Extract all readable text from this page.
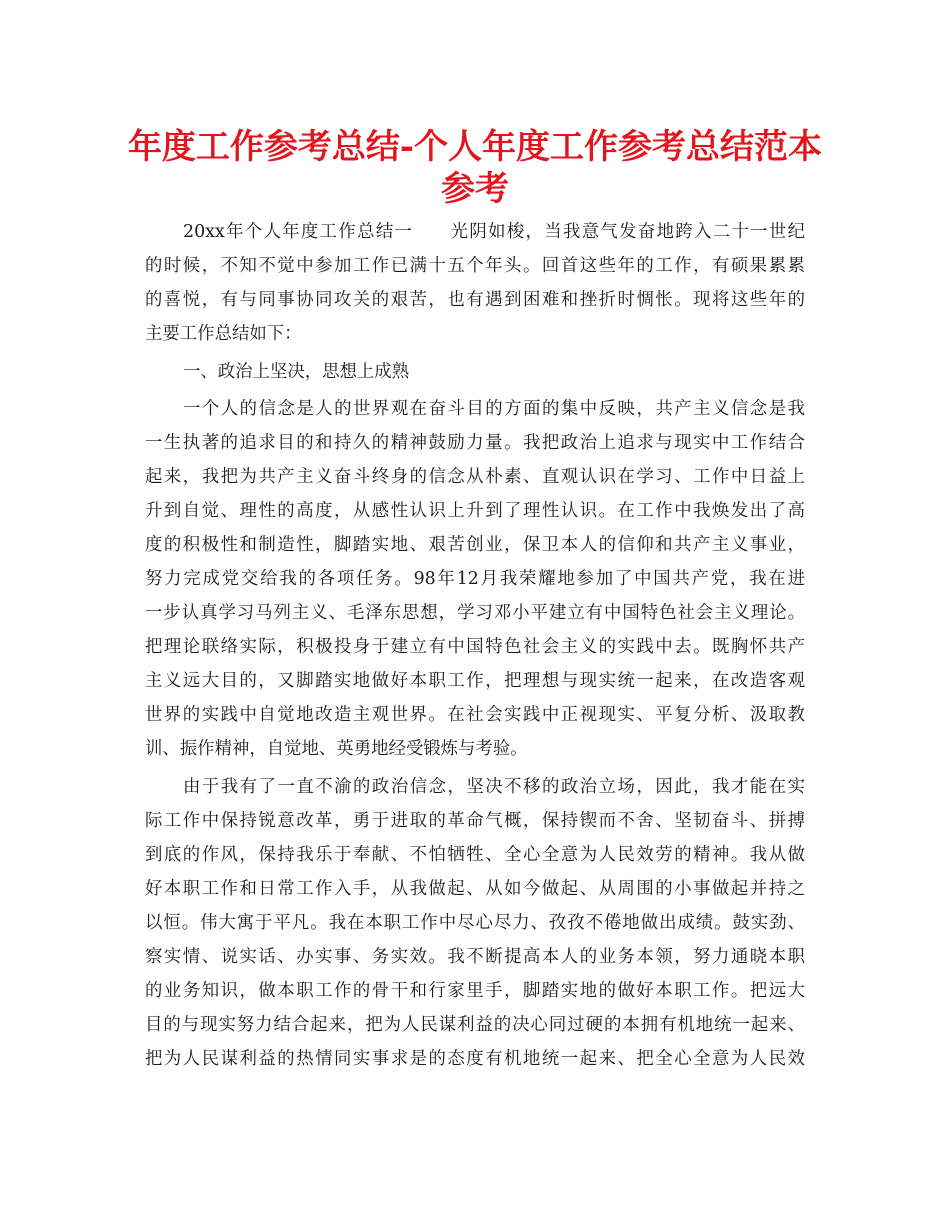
年度工作参考总结-个人年度工作参考总结范本
参考
20xx年个人年度工作总结一　　光阴如梭，当我意气发奋地跨入二十一世纪
的时候，不知不觉中参加工作已满十五个年头。回首这些年的工作，有硕果累累
的喜悦，有与同事协同攻关的艰苦，也有遇到困难和挫折时惆怅。现将这些年的
主要工作总结如下：
一、政治上坚决，思想上成熟
一个人的信念是人的世界观在奋斗目的方面的集中反映，共产主义信念是我
一生执著的追求目的和持久的精神鼓励力量。我把政治上追求与现实中工作结合
起来，我把为共产主义奋斗终身的信念从朴素、直观认识在学习、工作中日益上
升到自觉、理性的高度，从感性认识上升到了理性认识。在工作中我焕发出了高
度的积极性和制造性，脚踏实地、艰苦创业，保卫本人的信仰和共产主义事业，
努力完成党交给我的各项任务。98年12月我荣耀地参加了中国共产党，我在进
一步认真学习马列主义、毛泽东思想，学习邓小平建立有中国特色社会主义理论。
把理论联络实际，积极投身于建立有中国特色社会主义的实践中去。既胸怀共产
主义远大目的，又脚踏实地做好本职工作，把理想与现实统一起来，在改造客观
世界的实践中自觉地改造主观世界。在社会实践中正视现实、平复分析、汲取教
训、振作精神，自觉地、英勇地经受锻炼与考验。
由于我有了一直不渝的政治信念，坚决不移的政治立场，因此，我才能在实
际工作中保持锐意改革，勇于进取的革命气概，保持锲而不舍、坚韧奋斗、拼搏
到底的作风，保持我乐于奉献、不怕牺牲、全心全意为人民效劳的精神。我从做
好本职工作和日常工作入手，从我做起、从如今做起、从周围的小事做起并持之
以恒。伟大寓于平凡。我在本职工作中尽心尽力、孜孜不倦地做出成绩。鼓实劲、
察实情、说实话、办实事、务实效。我不断提高本人的业务本领，努力通晓本职
的业务知识，做本职工作的骨干和行家里手，脚踏实地的做好本职工作。把远大
目的与现实努力结合起来，把为人民谋利益的决心同过硬的本拥有机地统一起来、
把为人民谋利益的热情同实事求是的态度有机地统一起来、把全心全意为人民效
